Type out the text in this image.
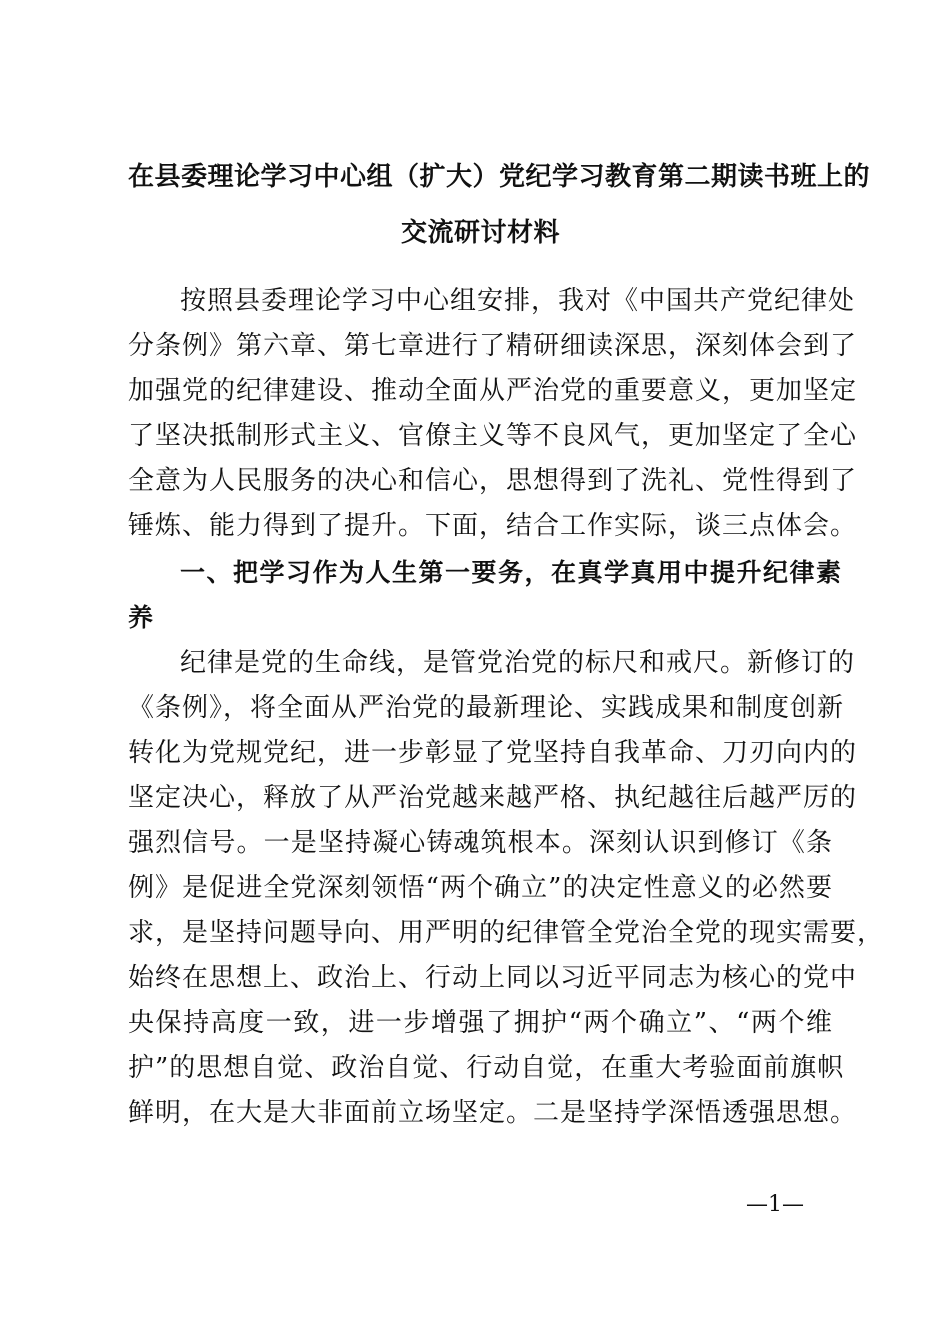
在县委理论学习中心组（扩大）党纪学习教育第二期读书班上的
交流研讨材料
按照县委理论学习中心组安排，我对《中国共产党纪律处
分条例》第六章、第七章进行了精研细读深思，深刻体会到了
加强党的纪律建设、推动全面从严治党的重要意义，更加坚定
了坚决抵制形式主义、官僚主义等不良风气，更加坚定了全心
全意为人民服务的决心和信心，思想得到了洗礼、党性得到了
锤炼、能力得到了提升。下面，结合工作实际，谈三点体会。
一、把学习作为人生第一要务，在真学真用中提升纪律素
养
纪律是党的生命线，是管党治党的标尺和戒尺。新修订的
《条例》，将全面从严治党的最新理论、实践成果和制度创新
转化为党规党纪，进一步彰显了党坚持自我革命、刀刃向内的
坚定决心，释放了从严治党越来越严格、执纪越往后越严厉的
强烈信号。一是坚持凝心铸魂筑根本。深刻认识到修订《条
例》是促进全党深刻领悟“两个确立”的决定性意义的必然要
求，是坚持问题导向、用严明的纪律管全党治全党的现实需要，
始终在思想上、政治上、行动上同以习近平同志为核心的党中
央保持高度一致，进一步增强了拥护“两个确立”、“两个维
护”的思想自觉、政治自觉、行动自觉，在重大考验面前旗帜
鲜明，在大是大非面前立场坚定。二是坚持学深悟透强思想。
—1—
